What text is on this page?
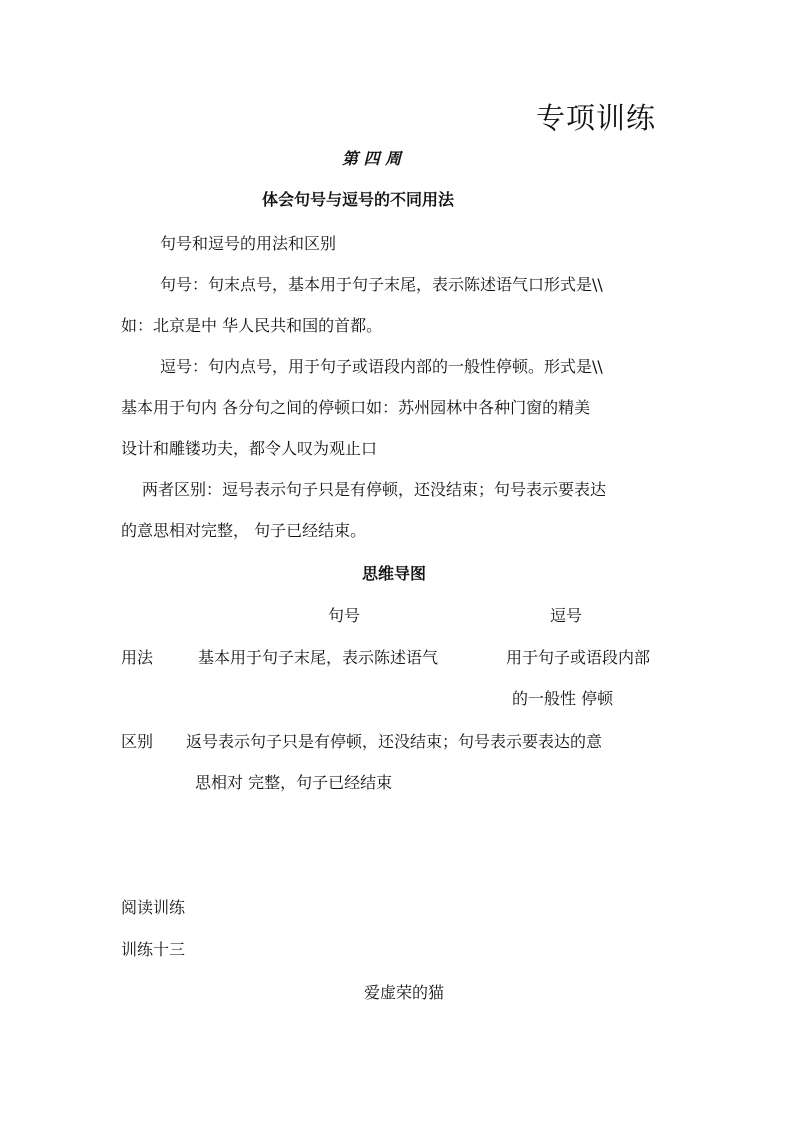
专项训练
第 四 周
体会句号与逗号的不同用法
句号和逗号的用法和区别
句号：句末点号，基本用于句子末尾，表示陈述语气口形式是\\
如：北京是中 华人民共和国的首都。
逗号：句内点号，用于句子或语段内部的一般性停顿。形式是\\
基本用于句内 各分句之间的停顿口如：苏州园林中各种门窗的精美
设计和雕镂功夫，都令人叹为观止口
两者区别：逗号表示句子只是有停顿，还没结束；句号表示要表达
的意思相对完整， 句子已经结束。
思维导图
句号	逗号
用法	基本用于句子末尾，表示陈述语气	用于句子或语段内部
的一般性 停顿
区别 返号表示句子只是有停顿，还没结束；句号表示要表达的意
思相对 完整，句子已经结束
阅读训练
训练十三
爱虚荣的猫
